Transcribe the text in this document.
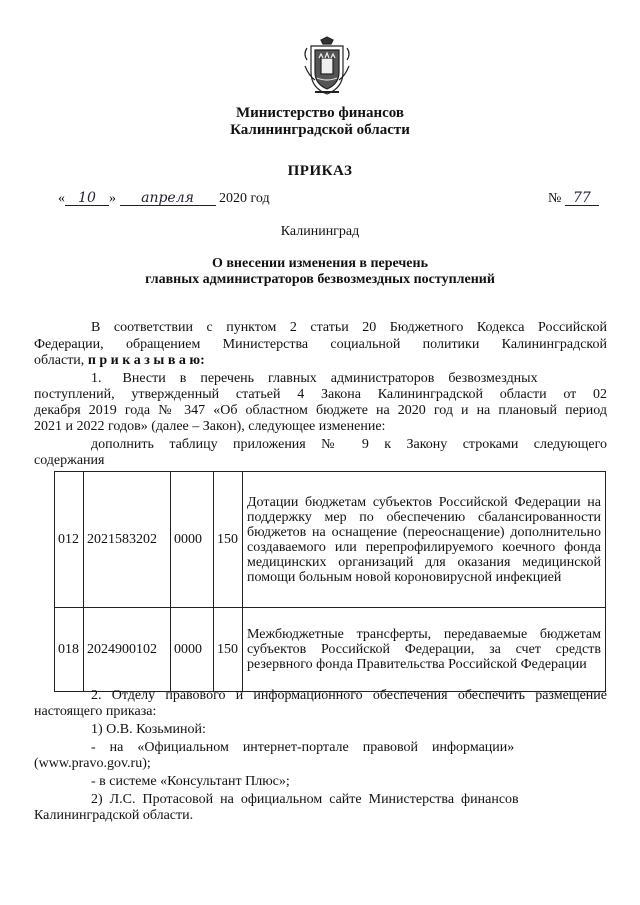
Министерство финансов
Калининградской области
ПРИКАЗ
« 10 » апреля 2020 год	№ 77
Калининград
О внесении изменения в перечень
главных администраторов безвозмездных поступлений
В соответствии с пунктом 2 статьи 20 Бюджетного Кодекса Российской
Федерации, обращением Министерства социальной политики Калининградской
области, п р и к а з ы в а ю:
1.      Внести    в    перечень    главных    администраторов    безвозмездных
поступлений, утвержденный статьей 4 Закона Калининградской области от 02
декабря 2019 года № 347 «Об областном бюджете на 2020 год и на плановый период
2021 и 2022 годов» (далее – Закон), следующее изменение:
дополнить таблицу приложения № 9 к Закону строками следующего
содержания
012	2021583202	0000	150	Дотации бюджетам субъектов Российской Федерации на поддержку мер по обеспечению сбалансированности бюджетов на оснащение (переоснащение) дополнительно создаваемого или перепрофилируемого коечного фонда медицинских организаций для оказания медицинской помощи больным новой короновирусной инфекцией
018	2024900102	0000	150	Межбюджетные трансферты, передаваемые бюджетам субъектов Российской Федерации, за счет средств резервного фонда Правительства Российской Федерации
2. Отделу правового и информационного обеспечения обеспечить размещение
настоящего приказа:
1) О.В. Козьминой:
-    на    «Официальном    интернет-портале    правовой    информации»
(www.pravo.gov.ru);
- в системе «Консультант Плюс»;
2)  Л.С.  Протасовой  на  официальном  сайте  Министерства  финансов
Калининградской области.
